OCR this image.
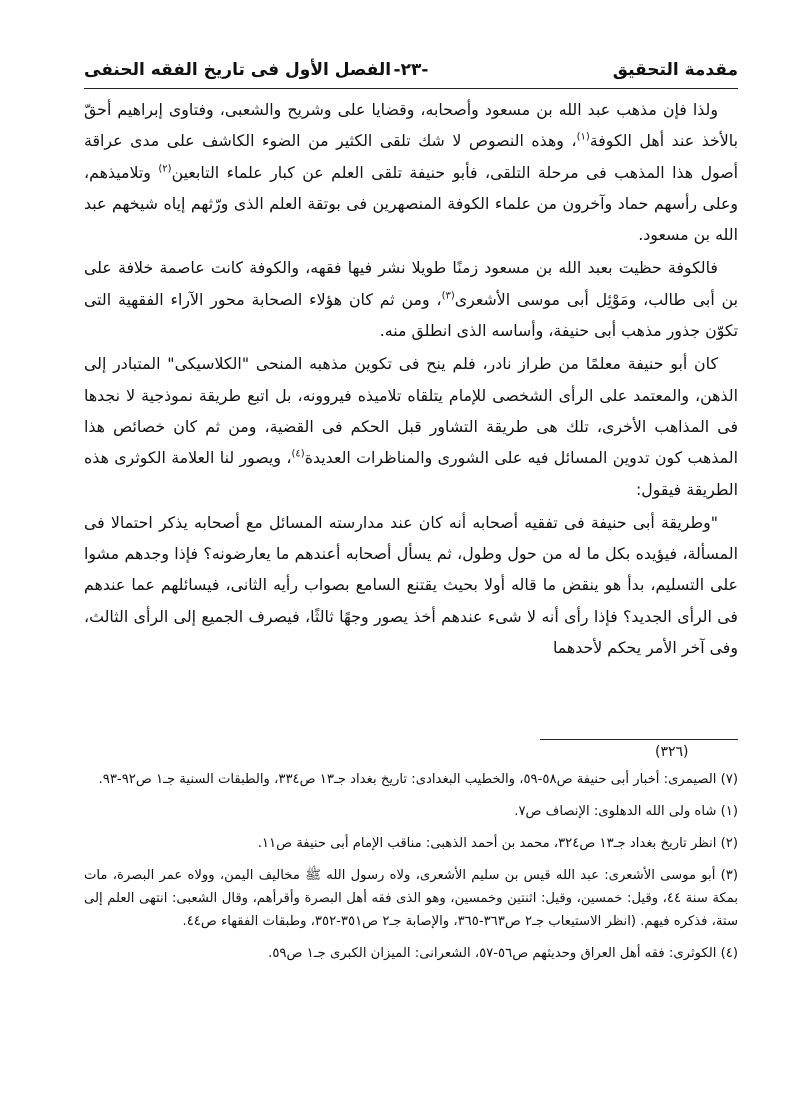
مقدمة التحقيق
-٢٣-
الفصل الأول فى تاريخ الفقه الحنفى

ولذا فإن مذهب عبد الله بن مسعود وأصحابه، وقضايا على وشريح والشعبى، وفتاوى إبراهيم أحقّ بالأخذ عند أهل الكوفة$^{(١)}$، وهذه النصوص لا شك تلقى الكثير من الضوء الكاشف على مدى عراقة أصول هذا المذهب فى مرحلة التلقى، فأبو حنيفة تلقى العلم عن كبار علماء التابعين$^{(٢)}$ وتلاميذهم، وعلى رأسهم حماد وآخرون من علماء الكوفة المنصهرين فى بوتقة العلم الذى ورّثهم إياه شيخهم عبد الله بن مسعود.

فالكوفة حظيت بعبد الله بن مسعود زمنًا طويلا نشر فيها فقهه، والكوفة كانت عاصمة خلافة على بن أبى طالب، ومَوْئِل أبى موسى الأشعرى$^{(٣)}$، ومن ثم كان هؤلاء الصحابة محور الآراء الفقهية التى تكوّن جذور مذهب أبى حنيفة، وأساسه الذى انطلق منه.

كان أبو حنيفة معلمًا من طراز نادر، فلم ينح فى تكوين مذهبه المنحى "الكلاسيكى" المتبادر إلى الذهن، والمعتمد على الرأى الشخصى للإمام يتلقاه تلاميذه فيروونه، بل اتبع طريقة نموذجية لا نجدها فى المذاهب الأخرى، تلك هى طريقة التشاور قبل الحكم فى القضية، ومن ثم كان خصائص هذا المذهب كون تدوين المسائل فيه على الشورى والمناظرات العديدة$^{(٤)}$، ويصور لنا العلامة الكوثرى هذه الطريقة فيقول:

"وطريقة أبى حنيفة فى تفقيه أصحابه أنه كان عند مدارسته المسائل مع أصحابه يذكر احتمالا فى المسألة، فيؤيده بكل ما له من حول وطول، ثم يسأل أصحابه أعندهم ما يعارضونه؟ فإذا وجدهم مشوا على التسليم، بدأ هو ينقض ما قاله أولا بحيث يقتنع السامع بصواب رأيه الثانى، فيسائلهم عما عندهم فى الرأى الجديد؟ فإذا رأى أنه لا شىء عندهم أخذ يصور وجهًا ثالثًا، فيصرف الجميع إلى الرأى الثالث، وفى آخر الأمر يحكم لأحدهما

(٣٢٦)

(٧) الصيمرى: أخبار أبى حنيفة ص٥٨-٥٩، والخطيب البغدادى: تاريخ بغداد جـ١٣ ص٣٣٤، والطبقات السنية جـ١ ص٩٢-٩٣.

(١) شاه ولى الله الدهلوى: الإنصاف ص٧.

(٢) انظر تاريخ بغداد جـ١٣ ص٣٢٤، محمد بن أحمد الذهبى: مناقب الإمام أبى حنيفة ص١١.

(٣) أبو موسى الأشعرى: عبد الله قيس بن سليم الأشعرى، ولاه رسول الله ﷺ مخاليف اليمن، وولاه عمر البصرة، مات بمكة سنة ٤٤، وقيل: خمسين، وقيل: اثنتين وخمسين، وهو الذى فقه أهل البصرة وأقرأهم، وقال الشعبى: انتهى العلم إلى ستة، فذكره فيهم. (انظر الاستيعاب جـ٢ ص٣٦٣-٣٦٥، والإصابة جـ٢ ص٣٥١-٣٥٢، وطبقات الفقهاء ص٤٤.

(٤) الكوثرى: فقه أهل العراق وحديثهم ص٥٦-٥٧، الشعرانى: الميزان الكبرى جـ١ ص٥٩.
